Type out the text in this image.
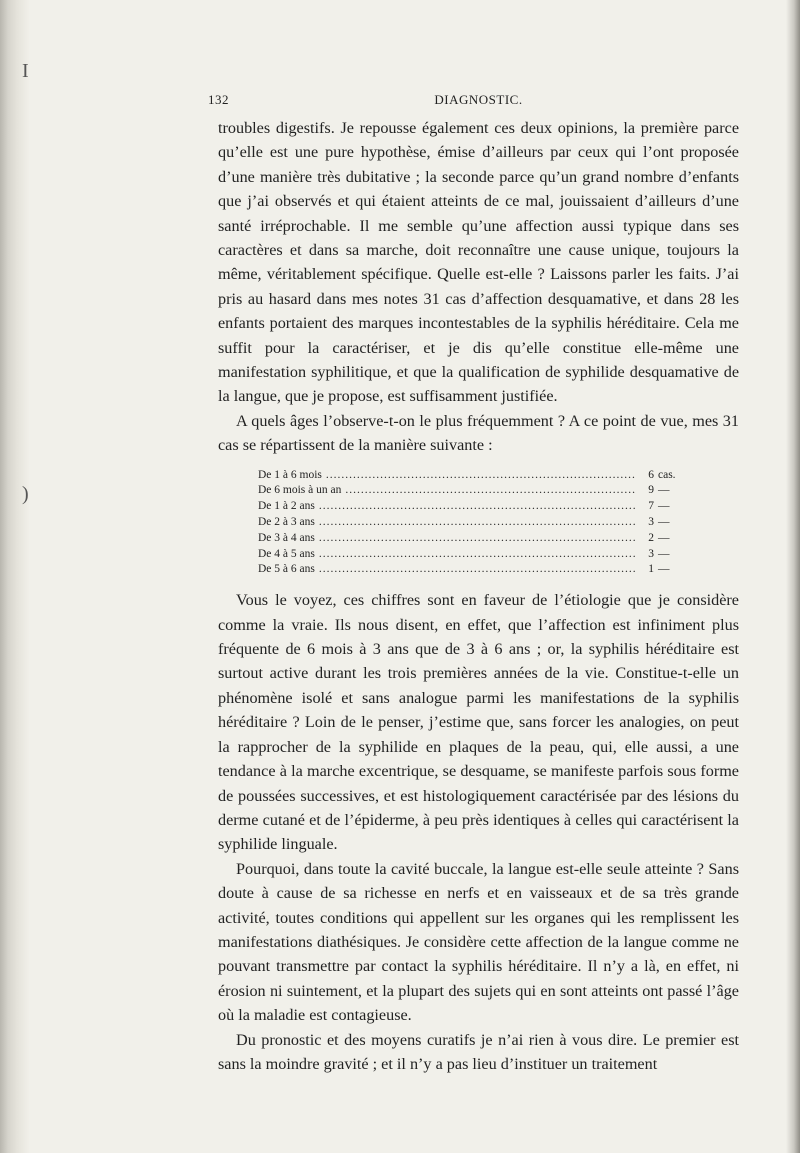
I
)
132	DIAGNOSTIC.

troubles digestifs. Je repousse également ces deux opinions, la première parce qu’elle est une pure hypothèse, émise d’ailleurs par ceux qui l’ont proposée d’une manière très dubitative ; la seconde parce qu’un grand nombre d’enfants que j’ai observés et qui étaient atteints de ce mal, jouissaient d’ailleurs d’une santé irréprochable. Il me semble qu’une affection aussi typique dans ses caractères et dans sa marche, doit reconnaître une cause unique, toujours la même, véritablement spécifique. Quelle est-elle ? Laissons parler les faits. J’ai pris au hasard dans mes notes 31 cas d’affection desquamative, et dans 28 les enfants portaient des marques incontestables de la syphilis héréditaire. Cela me suffit pour la caractériser, et je dis qu’elle constitue elle-même une manifestation syphilitique, et que la qualification de syphilide desquamative de la langue, que je propose, est suffisamment justifiée.

A quels âges l’observe-t-on le plus fréquemment ? A ce point de vue, mes 31 cas se répartissent de la manière suivante :

De 1 à 6 mois .....	6 cas.
De 6 mois à un an .....	9 —
De 1 à 2 ans .....	7 —
De 2 à 3 ans .....	3 —
De 3 à 4 ans .....	2 —
De 4 à 5 ans .....	3 —
De 5 à 6 ans .....	1 —

Vous le voyez, ces chiffres sont en faveur de l’étiologie que je considère comme la vraie. Ils nous disent, en effet, que l’affection est infiniment plus fréquente de 6 mois à 3 ans que de 3 à 6 ans ; or, la syphilis héréditaire est surtout active durant les trois premières années de la vie. Constitue-t-elle un phénomène isolé et sans analogue parmi les manifestations de la syphilis héréditaire ? Loin de le penser, j’estime que, sans forcer les analogies, on peut la rapprocher de la syphilide en plaques de la peau, qui, elle aussi, a une tendance à la marche excentrique, se desquame, se manifeste parfois sous forme de poussées successives, et est histologiquement caractérisée par des lésions du derme cutané et de l’épiderme, à peu près identiques à celles qui caractérisent la syphilide linguale.

Pourquoi, dans toute la cavité buccale, la langue est-elle seule atteinte ? Sans doute à cause de sa richesse en nerfs et en vaisseaux et de sa très grande activité, toutes conditions qui appellent sur les organes qui les remplissent les manifestations diathésiques. Je considère cette affection de la langue comme ne pouvant transmettre par contact la syphilis héréditaire. Il n’y a là, en effet, ni érosion ni suintement, et la plupart des sujets qui en sont atteints ont passé l’âge où la maladie est contagieuse.

Du pronostic et des moyens curatifs je n’ai rien à vous dire. Le premier est sans la moindre gravité ; et il n’y a pas lieu d’instituer un traitement
